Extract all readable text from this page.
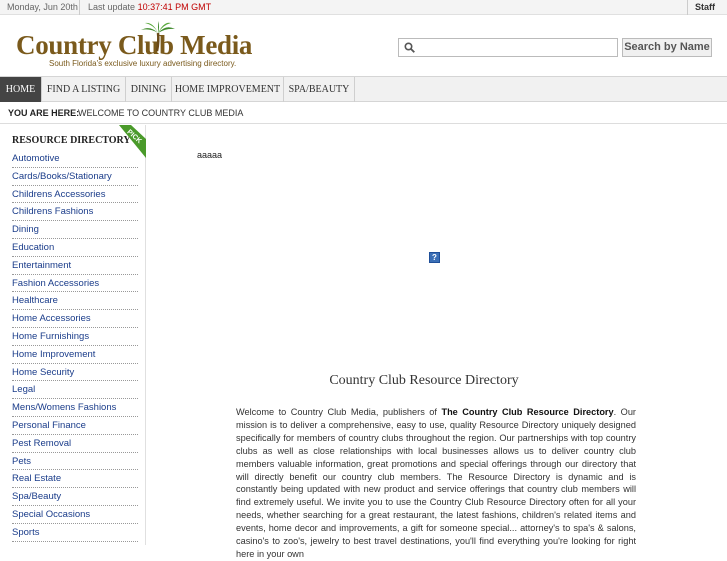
Monday, Jun 20th Last update 10:37:41 PM GMT	Staff
Country Club Media
South Florida's exclusive luxury advertising directory.
Search by Name
HOME	FIND A LISTING	DINING HOME IMPROVEMENT SPA/BEAUTY
YOU ARE HERE:
WELCOME TO COUNTRY CLUB MEDIA
RESOURCE DIRECTORY
PICK
Automotive
Cards/Books/Stationary
Childrens Accessories
Childrens Fashions
Dining
Education
Entertainment
Fashion Accessories
Healthcare
Home Accessories
Home Furnishings
Home Improvement
Home Security
Legal
Mens/Womens Fashions
Personal Finance
Pest Removal
Pets
Real Estate
Spa/Beauty
Special Occasions
Sports
aaaaa
?
Country Club Resource Directory
Welcome to Country Club Media, publishers of The Country Club Resource Directory. Our mission is to deliver a comprehensive, easy to use, quality Resource Directory uniquely designed specifically for members of country clubs throughout the region. Our partnerships with top country clubs as well as close relationships with local businesses allows us to deliver country club members valuable information, great promotions and special offerings through our directory that will directly benefit our country club members. The Resource Directory is dynamic and is constantly being updated with new product and service offerings that country club members will find extremely useful. We invite you to use the Country Club Resource Directory often for all your needs, whether searching for a great restaurant, the latest fashions, children's related items and events, home decor and improvements, a gift for someone special... attorney's to spa's & salons, casino's to zoo's, jewelry to best travel destinations, you'll find everything you're looking for right here in your own
